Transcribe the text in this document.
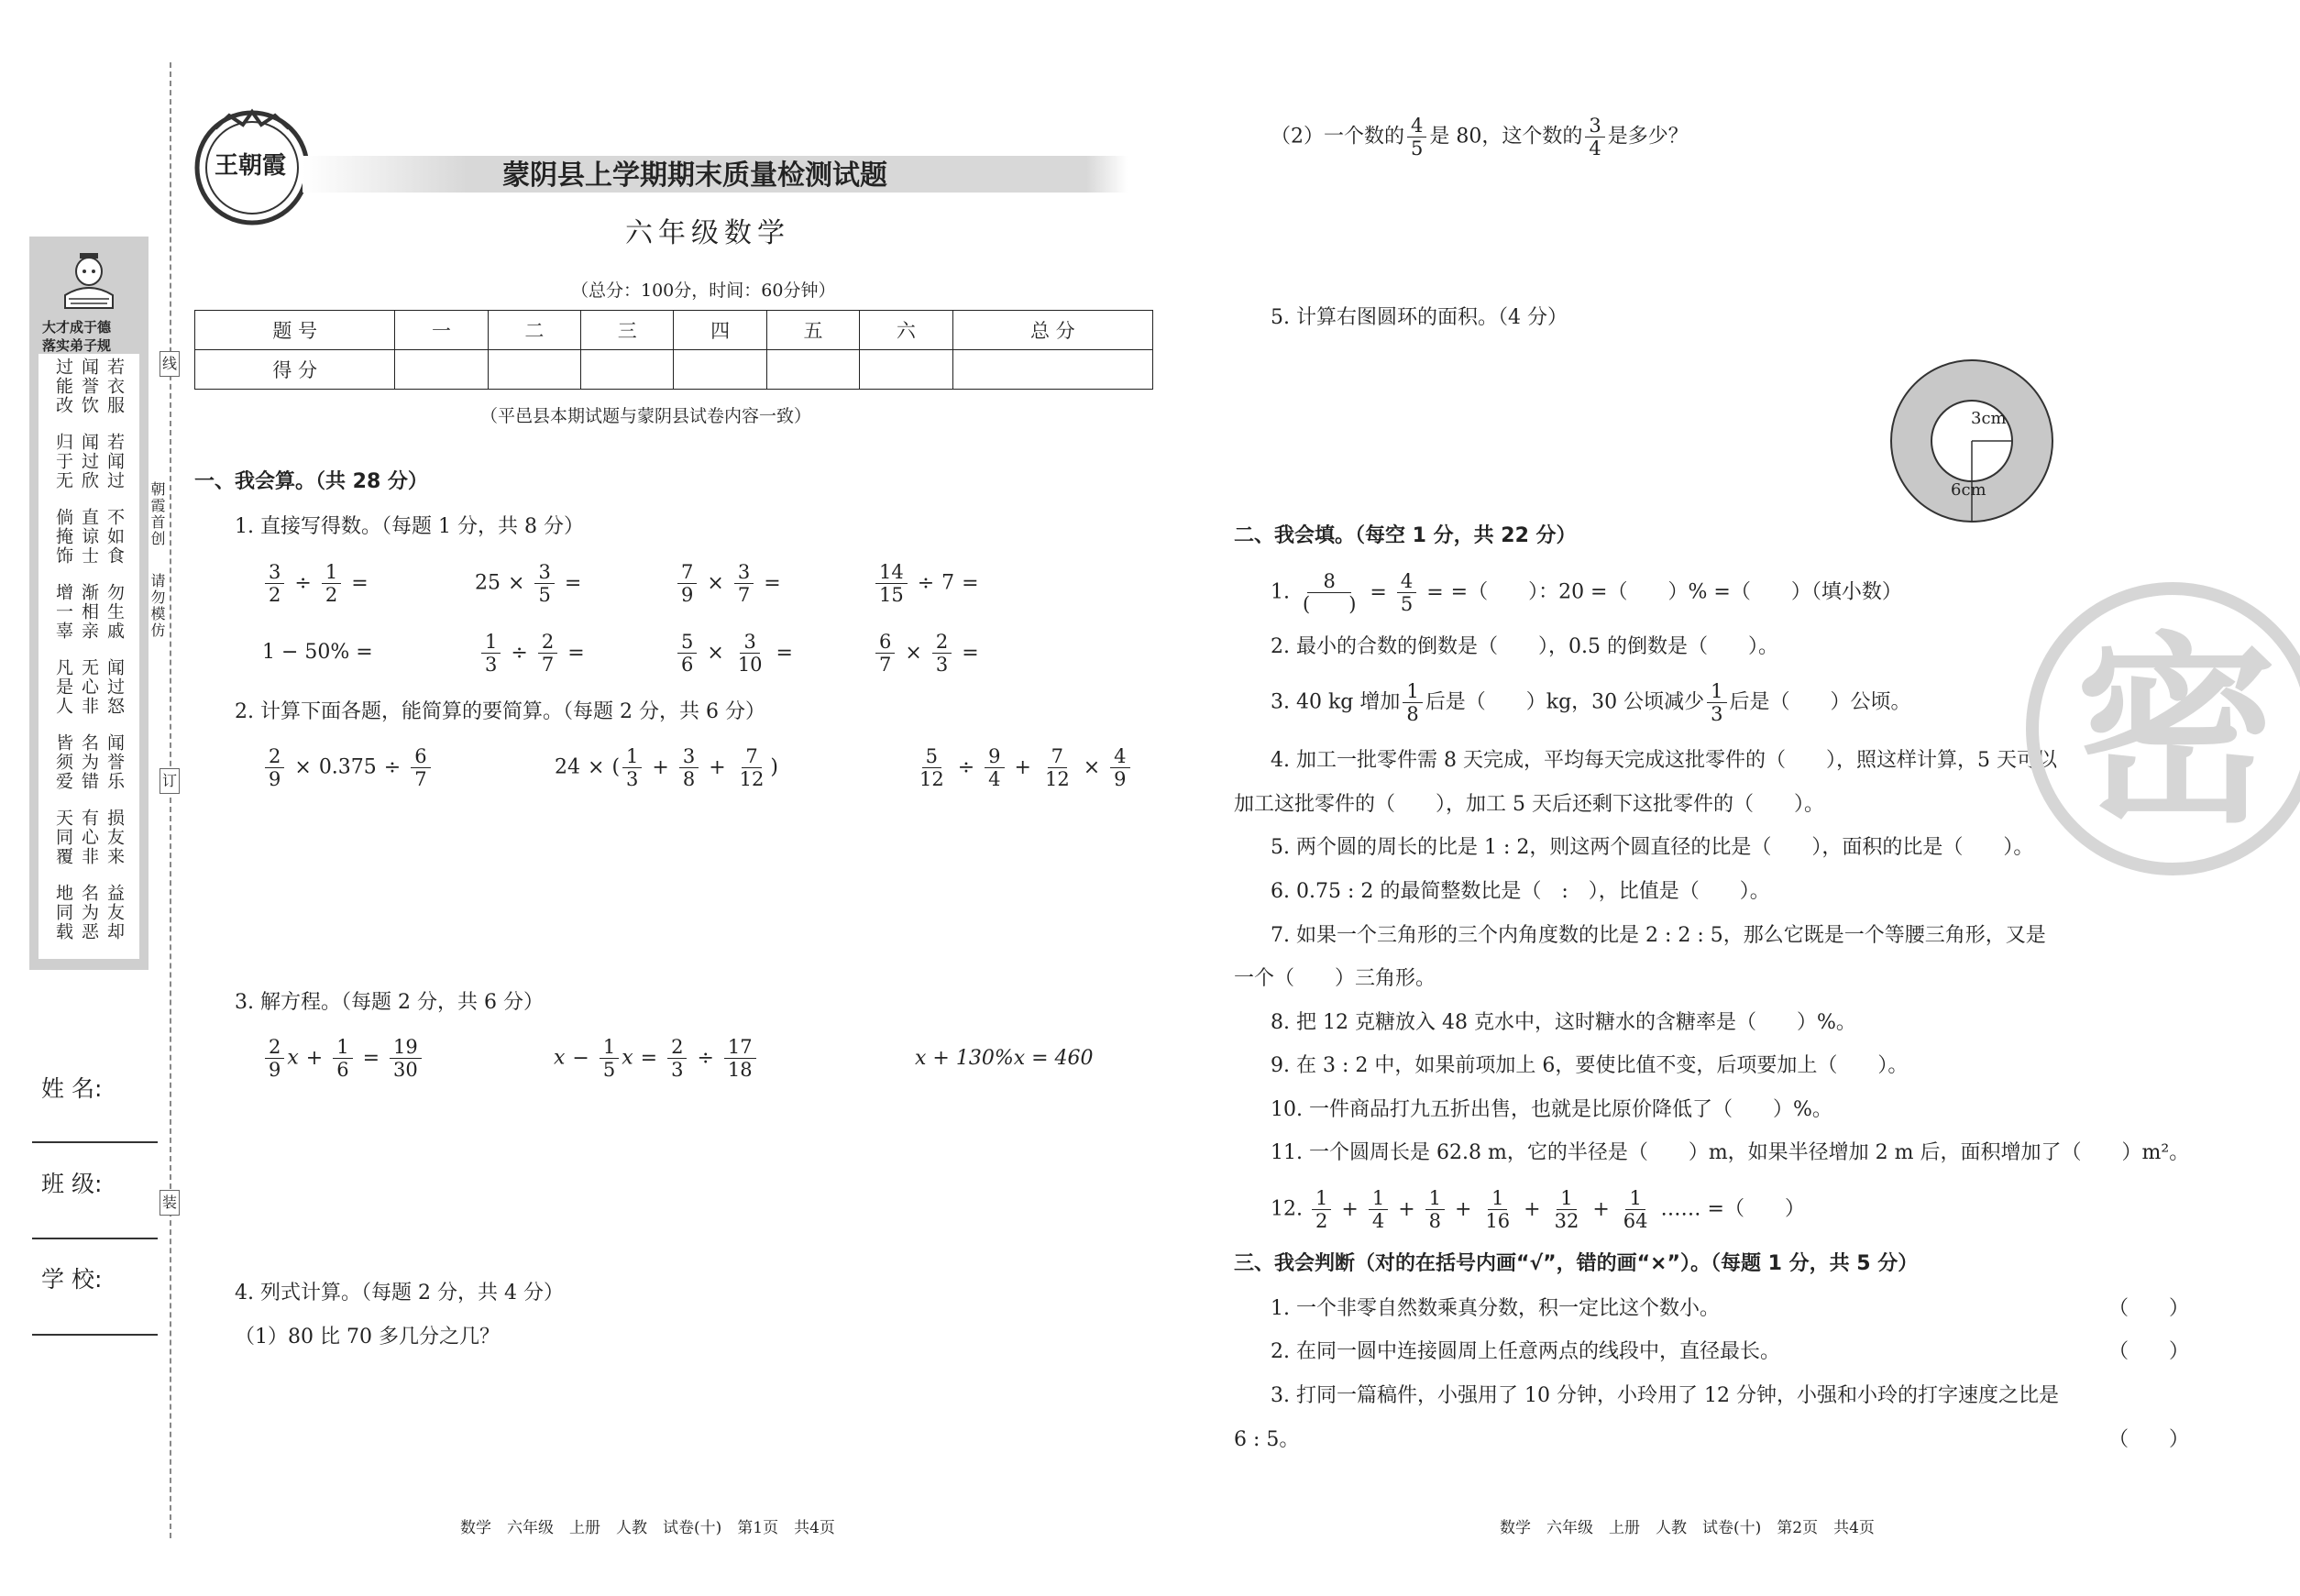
线
订
装
朝霞首创
请勿模仿
大才成于德
落实弟子规
若衣服
闻誉饮
过能改
若闻过
闻过欣
归于无
不如食
直谅士
倘掩饰
勿生戚
渐相亲
增一辜
闻过怒
无心非
凡是人
闻誉乐
名为错
皆须爱
损友来
有心非
天同覆
益友却
名为恶
地同载
姓 名:
班 级:
学 校:
王朝霞	蒙阴县上学期期末质量检测试题
六年级数学
（总分：100分，时间：60分钟）
题 号	一	二	三	四	五	六	总 分
得 分							
（平邑县本期试题与蒙阴县试卷内容一致）
一、我会算。（共 28 分）
1. 直接写得数。（每题 1 分，共 8 分）
$\frac{3}{2} \div \frac{1}{2}$ =	$25 \times \frac{3}{5}$ =	$\frac{7}{9} \times \frac{3}{7}$ =	$\frac{14}{15} \div 7$ =
1 − 50% =	$\frac{1}{3} \div \frac{2}{7}$ =	$\frac{5}{6} \times \frac{3}{10}$ =	$\frac{6}{7} \times \frac{2}{3}$ =
2. 计算下面各题，能简算的要简算。（每题 2 分，共 6 分）
$\frac{2}{9} \times 0.375 \div \frac{6}{7}$	24 × ( $\frac{1}{3} + \frac{3}{8} + \frac{7}{12}$ )	$\frac{5}{12} \div \frac{9}{4} + \frac{7}{12} \times \frac{4}{9}$
3. 解方程。（每题 2 分，共 6 分）
$\frac{2}{9}$ $x + \frac{1}{6} = \frac{19}{30}$	$x - \frac{1}{5}$ $x = \frac{2}{3} \div \frac{17}{18}$	x + 130%x = 460
4. 列式计算。（每题 2 分，共 4 分）
（1）80 比 70 多几分之几？
（2）一个数的 $\frac{4}{5}$ 是 80，这个数的 $\frac{3}{4}$ 是多少？
5. 计算右图圆环的面积。（4 分）
3cm
6cm
二、我会填。（每空 1 分，共 22 分）
1. 8
(　　)
= $\frac{4}{5}$ = =（　　）：20 =（　　）% =（　　）（填小数）
2. 最小的合数的倒数是（　　），0.5 的倒数是（　　）。
3. 40 kg 增加 $\frac{1}{8}$ 后是（　　）kg，30 公顷减少 $\frac{1}{3}$ 后是（　　）公顷。
4. 加工一批零件需 8 天完成，平均每天完成这批零件的（　　），照这样计算，5 天可以
加工这批零件的（　　），加工 5 天后还剩下这批零件的（　　）。
5. 两个圆的周长的比是 1 : 2，则这两个圆直径的比是（　　），面积的比是（　　）。
6. 0.75 : 2 的最简整数比是（　:　），比值是（　　）。
7. 如果一个三角形的三个内角度数的比是 2 : 2 : 5，那么它既是一个等腰三角形，又是
一个（　　）三角形。
8. 把 12 克糖放入 48 克水中，这时糖水的含糖率是（　　）%。
9. 在 3 : 2 中，如果前项加上 6，要使比值不变，后项要加上（　　）。
10. 一件商品打九五折出售，也就是比原价降低了（　　）%。
11. 一个圆周长是 62.8 m，它的半径是（　　）m，如果半径增加 2 m 后，面积增加了（　　）m²。
12. $\frac{1}{2} + \frac{1}{4} + \frac{1}{8} + \frac{1}{16} + \frac{1}{32} + \frac{1}{64}$ …… =（　　）
三、我会判断（对的在括号内画“√”，错的画“×”）。（每题 1 分，共 5 分）
1. 一个非零自然数乘真分数，积一定比这个数小。	（　　）
2. 在同一圆中连接圆周上任意两点的线段中，直径最长。	（　　）
3. 打同一篇稿件，小强用了 10 分钟，小玲用了 12 分钟，小强和小玲的打字速度之比是
6 : 5。	（　　）
密
数学　六年级　上册　人教　试卷(十)　第1页　共4页	数学　六年级　上册　人教　试卷(十)　第2页　共4页
